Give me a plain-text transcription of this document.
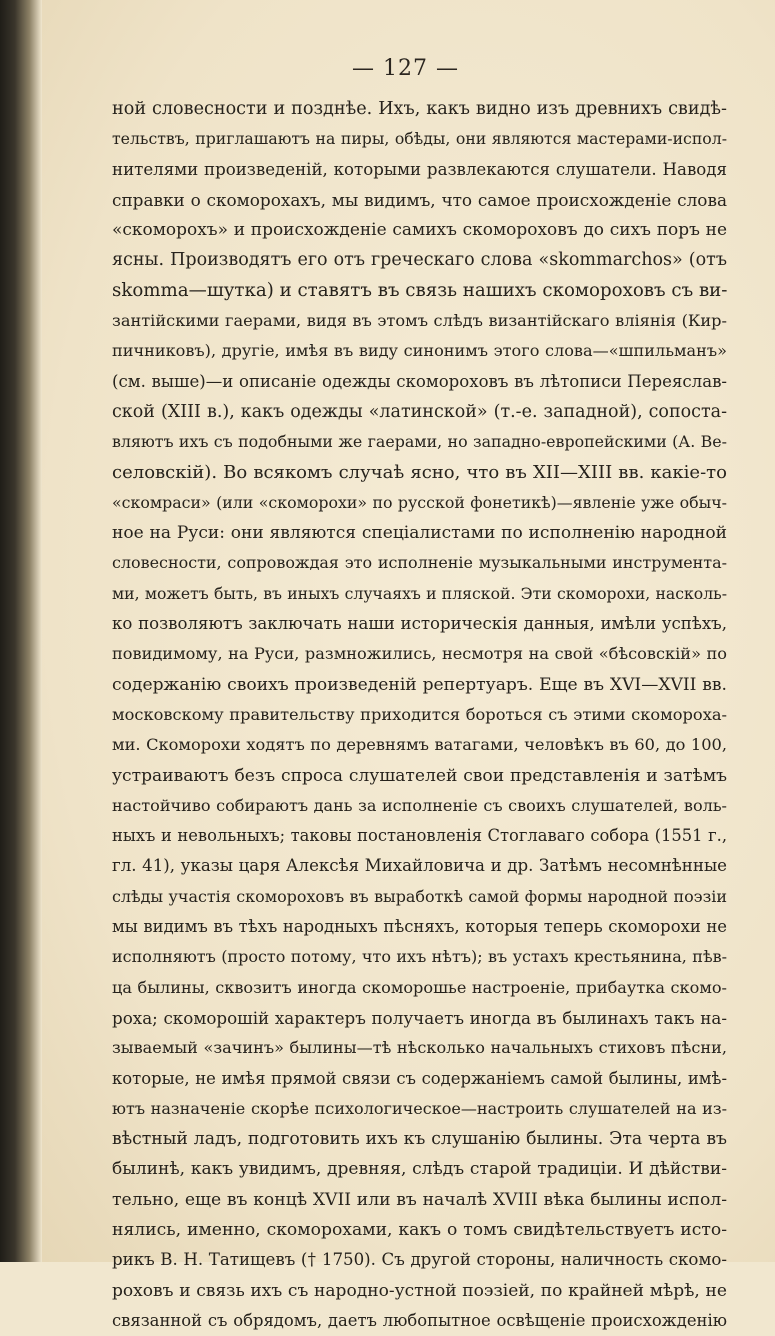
— 127 —
ной словесности и позднѣе. Ихъ, какъ видно изъ древнихъ свидѣ-
тельствъ, приглашаютъ на пиры, обѣды, они являются мастерами-испол-
нителями произведеній, которыми развлекаются слушатели. Наводя
справки о скоморохахъ, мы видимъ, что самое происхожденіе слова
«скоморохъ» и происхожденіе самихъ скомороховъ до сихъ поръ не
ясны. Производятъ его отъ греческаго слова «skommarchos» (отъ
skomma—шутка) и ставятъ въ связь нашихъ скомороховъ съ ви-
зантійскими гаерами, видя въ этомъ слѣдъ византійскаго вліянія (Кир-
пичниковъ), другіе, имѣя въ виду синонимъ этого слова—«шпильманъ»
(см. выше)—и описаніе одежды скомороховъ въ лѣтописи Переяслав-
ской (XIII в.), какъ одежды «латинской» (т.-е. западной), сопоста-
вляютъ ихъ съ подобными же гаерами, но западно-европейскими (А. Ве-
селовскій). Во всякомъ случаѣ ясно, что въ XII—XIII вв. какіе-то
«скомраси» (или «скоморохи» по русской фонетикѣ)—явленіе уже обыч-
ное на Руси: они являются спеціалистами по исполненію народной
словесности, сопровождая это исполненіе музыкальными инструмента-
ми, можетъ быть, въ иныхъ случаяхъ и пляской. Эти скоморохи, насколь-
ко позволяютъ заключать наши историческія данныя, имѣли успѣхъ,
повидимому, на Руси, размножились, несмотря на свой «бѣсовскій» по
содержанію своихъ произведеній репертуаръ. Еще въ XVI—XVII вв.
московскому правительству приходится бороться съ этими скомороха-
ми. Скоморохи ходятъ по деревнямъ ватагами, человѣкъ въ 60, до 100,
устраиваютъ безъ спроса слушателей свои представленія и затѣмъ
настойчиво собираютъ дань за исполненіе съ своихъ слушателей, воль-
ныхъ и невольныхъ; таковы постановленія Стоглаваго собора (1551 г.,
гл. 41), указы царя Алексѣя Михайловича и др. Затѣмъ несомнѣнные
слѣды участія скомороховъ въ выработкѣ самой формы народной поэзіи
мы видимъ въ тѣхъ народныхъ пѣсняхъ, которыя теперь скоморохи не
исполняютъ (просто потому, что ихъ нѣтъ); въ устахъ крестьянина, пѣв-
ца былины, сквозитъ иногда скоморошье настроеніе, прибаутка скомо-
роха; скоморошій характеръ получаетъ иногда въ былинахъ такъ на-
зываемый «зачинъ» былины—тѣ нѣсколько начальныхъ стиховъ пѣсни,
которые, не имѣя прямой связи съ содержаніемъ самой былины, имѣ-
ютъ назначеніе скорѣе психологическое—настроить слушателей на из-
вѣстный ладъ, подготовить ихъ къ слушанію былины. Эта черта въ
былинѣ, какъ увидимъ, древняя, слѣдъ старой традиціи. И дѣйстви-
тельно, еще въ концѣ XVII или въ началѣ XVIII вѣка былины испол-
нялись, именно, скоморохами, какъ о томъ свидѣтельствуетъ исто-
рикъ В. Н. Татищевъ († 1750). Съ другой стороны, наличность скомо-
роховъ и связь ихъ съ народно-устной поэзіей, по крайней мѣрѣ, не
связанной съ обрядомъ, даетъ любопытное освѣщеніе происхожденію
